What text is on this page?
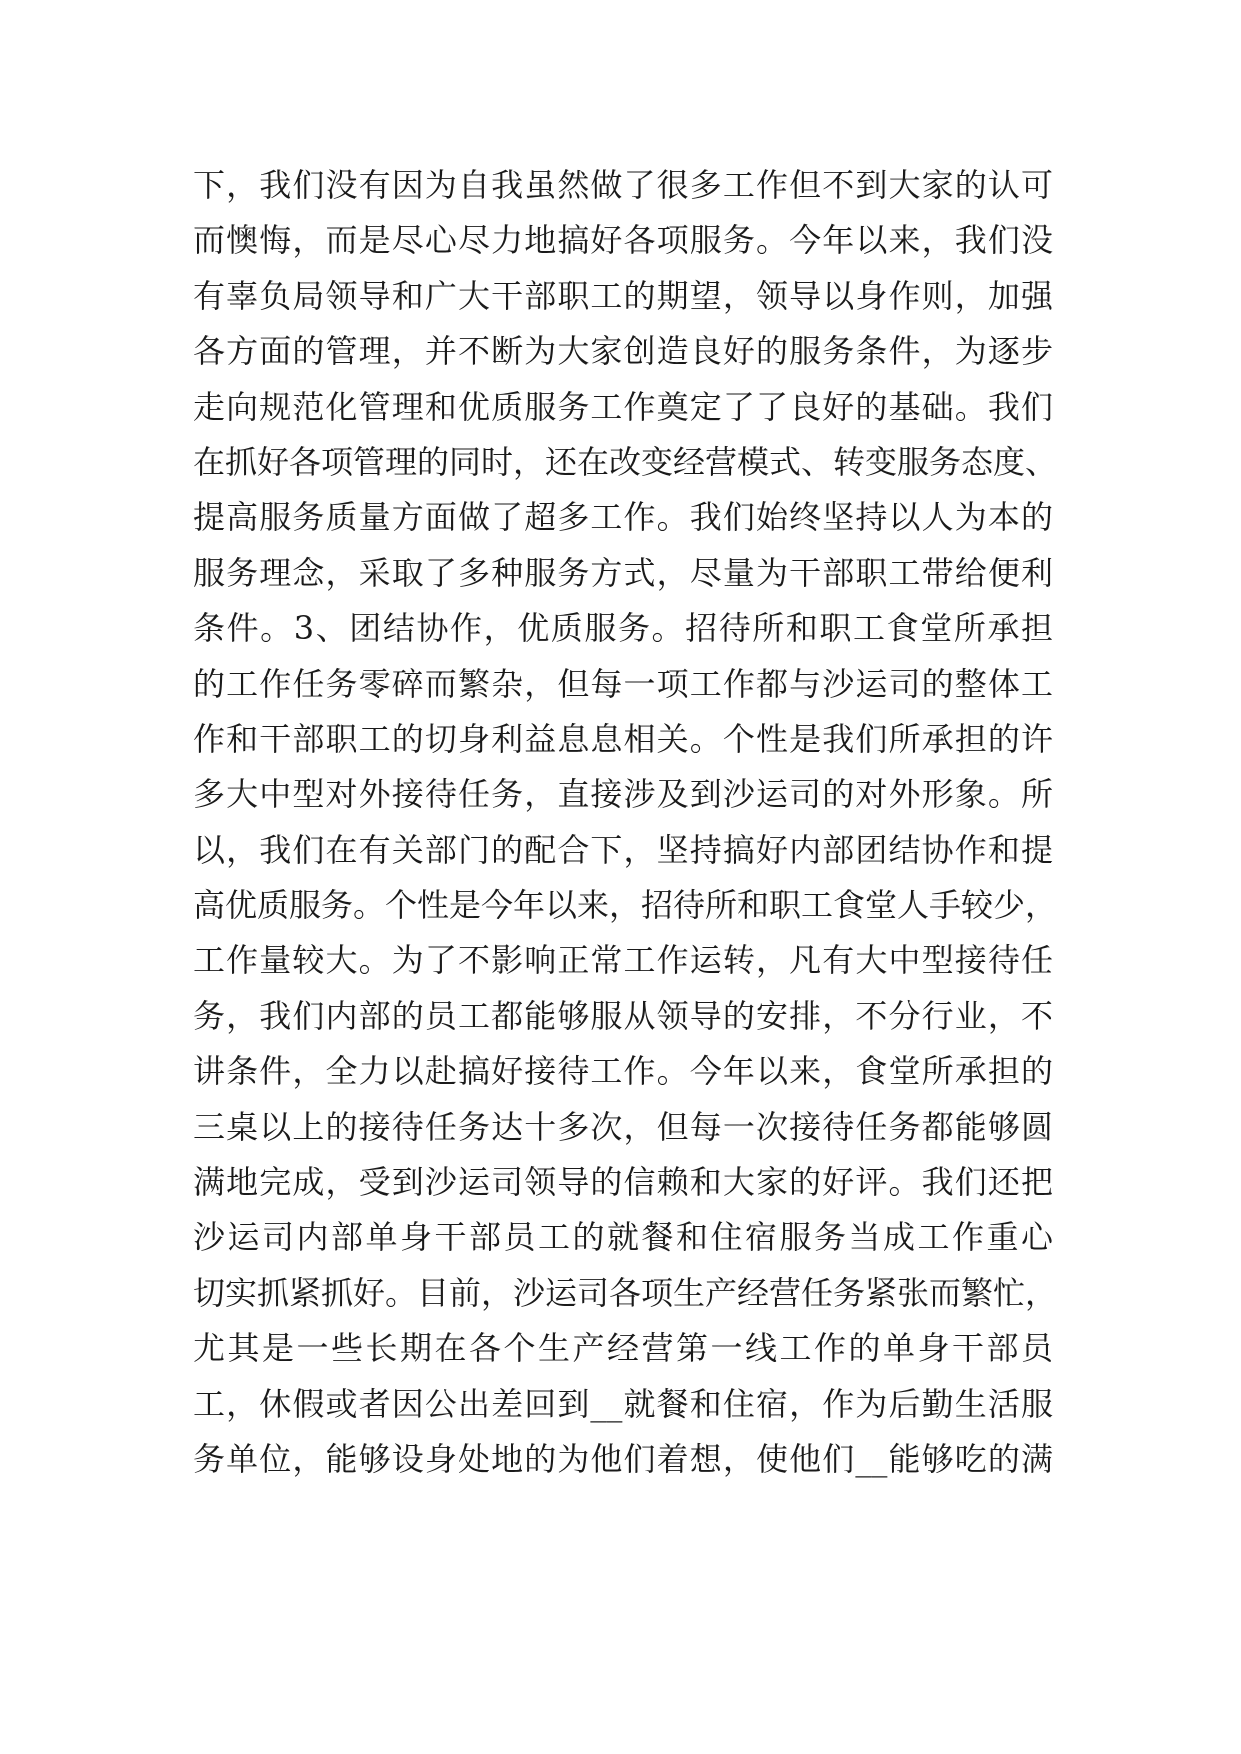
下，我们没有因为自我虽然做了很多工作但不到大家的认可
而懊悔，而是尽心尽力地搞好各项服务。今年以来，我们没
有辜负局领导和广大干部职工的期望，领导以身作则，加强
各方面的管理，并不断为大家创造良好的服务条件，为逐步
走向规范化管理和优质服务工作奠定了了良好的基础。我们
在抓好各项管理的同时，还在改变经营模式、转变服务态度、
提高服务质量方面做了超多工作。我们始终坚持以人为本的
服务理念，采取了多种服务方式，尽量为干部职工带给便利
条件。3、团结协作，优质服务。招待所和职工食堂所承担
的工作任务零碎而繁杂，但每一项工作都与沙运司的整体工
作和干部职工的切身利益息息相关。个性是我们所承担的许
多大中型对外接待任务，直接涉及到沙运司的对外形象。所
以，我们在有关部门的配合下，坚持搞好内部团结协作和提
高优质服务。个性是今年以来，招待所和职工食堂人手较少，
工作量较大。为了不影响正常工作运转，凡有大中型接待任
务，我们内部的员工都能够服从领导的安排，不分行业，不
讲条件，全力以赴搞好接待工作。今年以来，食堂所承担的
三桌以上的接待任务达十多次，但每一次接待任务都能够圆
满地完成，受到沙运司领导的信赖和大家的好评。我们还把
沙运司内部单身干部员工的就餐和住宿服务当成工作重心
切实抓紧抓好。目前，沙运司各项生产经营任务紧张而繁忙，
尤其是一些长期在各个生产经营第一线工作的单身干部员
工，休假或者因公出差回到__就餐和住宿，作为后勤生活服
务单位，能够设身处地的为他们着想，使他们__能够吃的满
